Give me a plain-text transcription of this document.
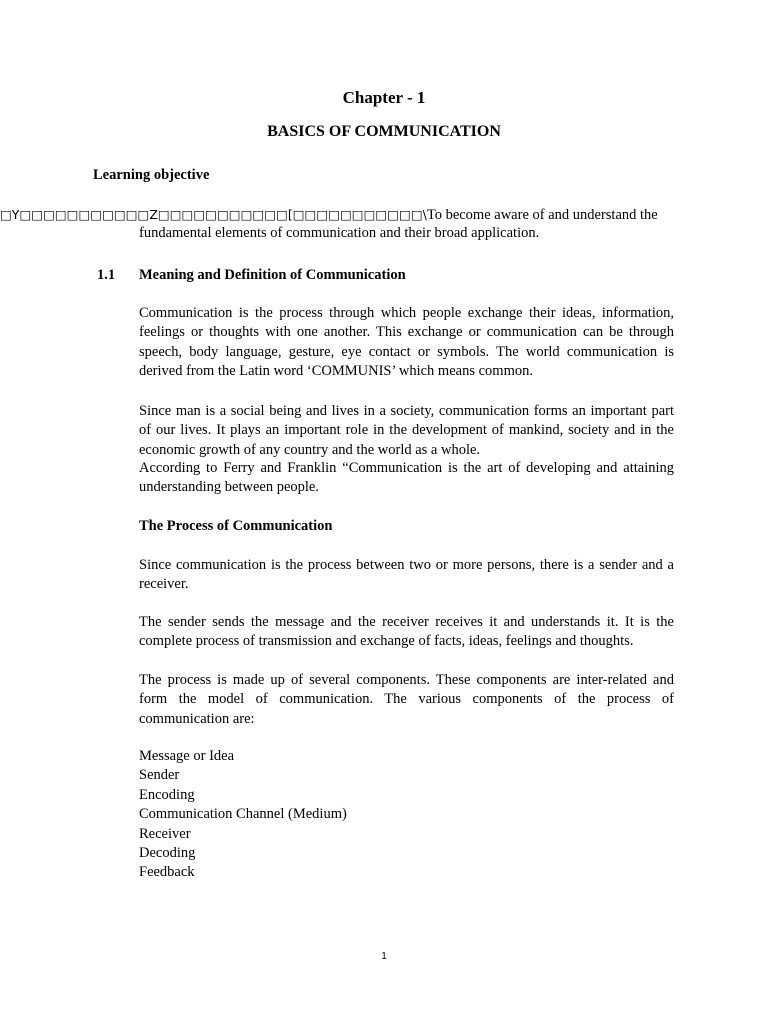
Chapter - 1
BASICS OF COMMUNICATION
Learning objective
□Y□□□□□□□□□□□Z□□□□□□□□□□□[□□□□□□□□□□□\To become aware of and understand the
fundamental elements of communication and their broad application.
1.1 Meaning and Definition of Communication

Communication is the process through which people exchange their ideas, information, feelings or thoughts with one another. This exchange or communication can be through speech, body language, gesture, eye contact or symbols. The world communication is derived from the Latin word ‘COMMUNIS’ which means common.

Since man is a social being and lives in a society, communication forms an important part of our lives. It plays an important role in the development of mankind, society and in the economic growth of any country and the world as a whole.

According to Ferry and Franklin “Communication is the art of developing and attaining understanding between people.

The Process of Communication

Since communication is the process between two or more persons, there is a sender and a receiver.

The sender sends the message and the receiver receives it and understands it. It is the complete process of transmission and exchange of facts, ideas, feelings and thoughts.

The process is made up of several components. These components are inter-related and form the model of communication. The various components of the process of communication are:

Message or Idea
Sender
Encoding
Communication Channel (Medium)
Receiver
Decoding
Feedback
1
